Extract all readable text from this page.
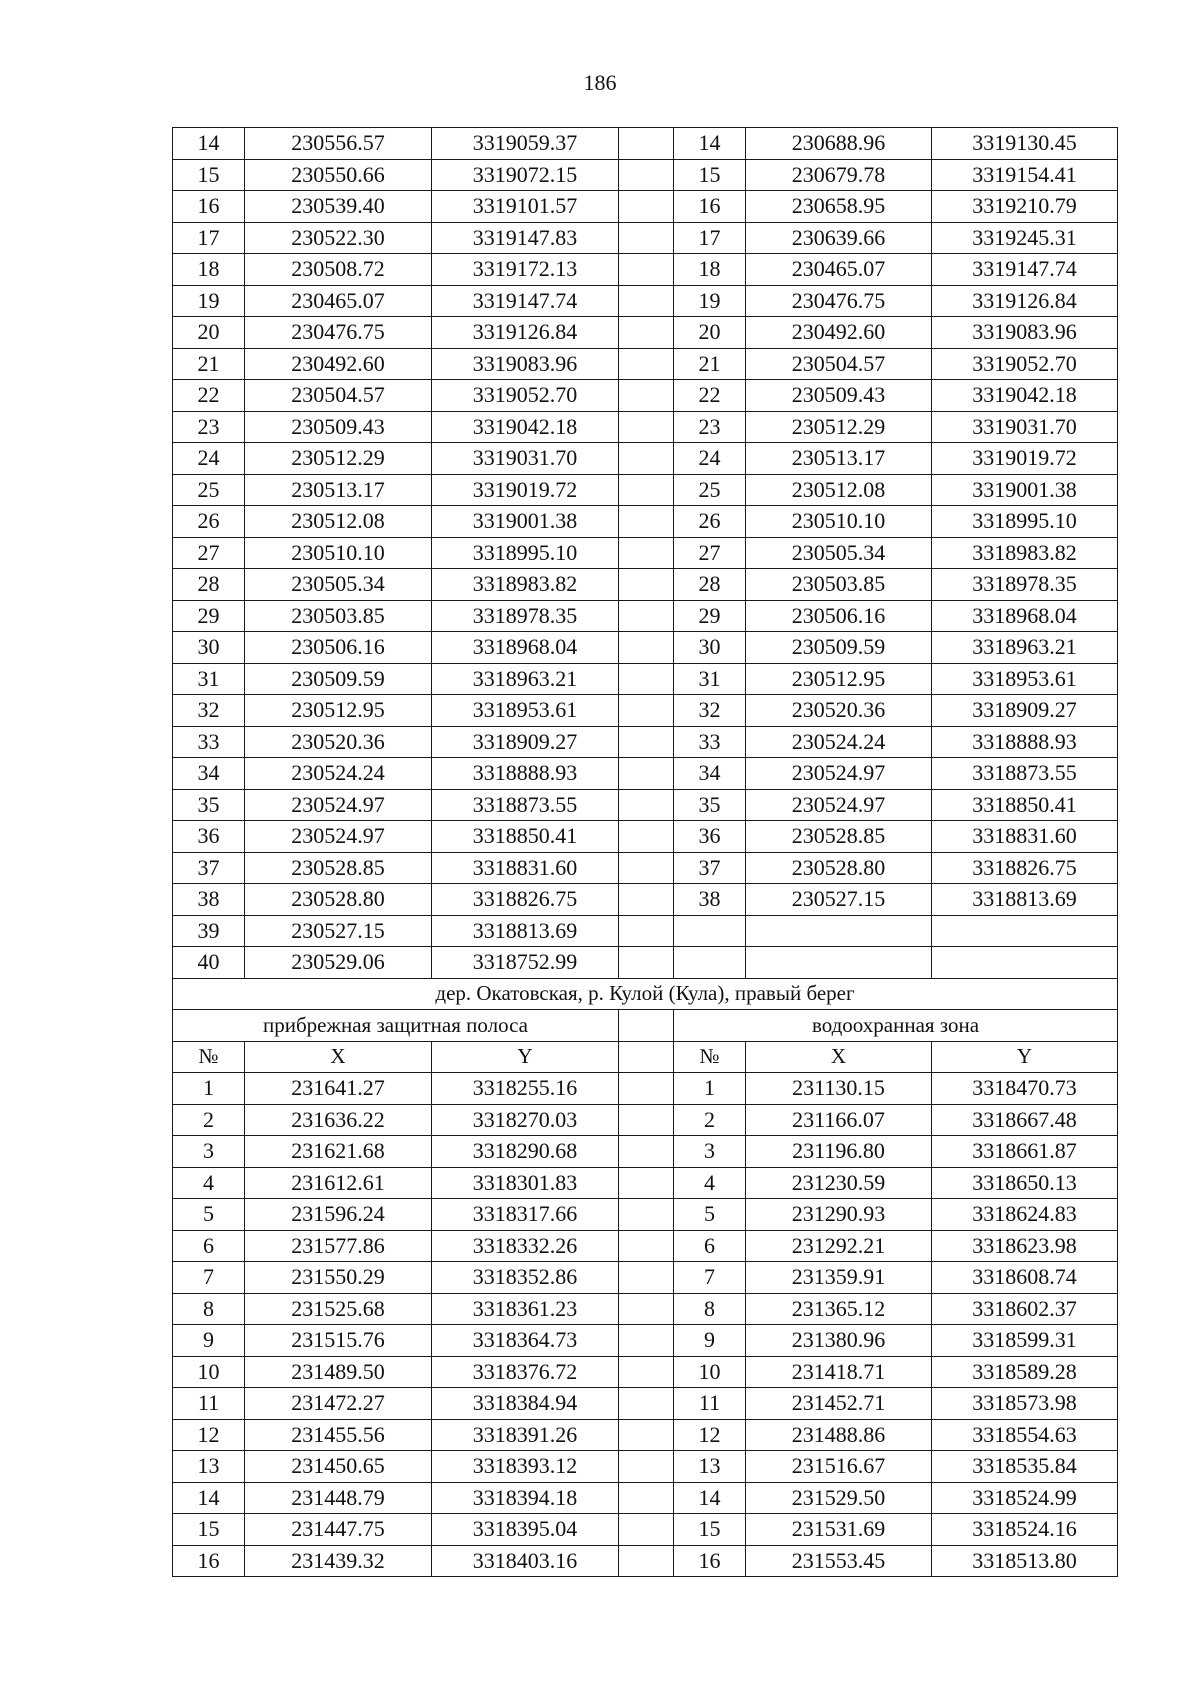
186
14	230556.57	3319059.37		14	230688.96	3319130.45
15	230550.66	3319072.15		15	230679.78	3319154.41
16	230539.40	3319101.57		16	230658.95	3319210.79
17	230522.30	3319147.83		17	230639.66	3319245.31
18	230508.72	3319172.13		18	230465.07	3319147.74
19	230465.07	3319147.74		19	230476.75	3319126.84
20	230476.75	3319126.84		20	230492.60	3319083.96
21	230492.60	3319083.96		21	230504.57	3319052.70
22	230504.57	3319052.70		22	230509.43	3319042.18
23	230509.43	3319042.18		23	230512.29	3319031.70
24	230512.29	3319031.70		24	230513.17	3319019.72
25	230513.17	3319019.72		25	230512.08	3319001.38
26	230512.08	3319001.38		26	230510.10	3318995.10
27	230510.10	3318995.10		27	230505.34	3318983.82
28	230505.34	3318983.82		28	230503.85	3318978.35
29	230503.85	3318978.35		29	230506.16	3318968.04
30	230506.16	3318968.04		30	230509.59	3318963.21
31	230509.59	3318963.21		31	230512.95	3318953.61
32	230512.95	3318953.61		32	230520.36	3318909.27
33	230520.36	3318909.27		33	230524.24	3318888.93
34	230524.24	3318888.93		34	230524.97	3318873.55
35	230524.97	3318873.55		35	230524.97	3318850.41
36	230524.97	3318850.41		36	230528.85	3318831.60
37	230528.85	3318831.60		37	230528.80	3318826.75
38	230528.80	3318826.75		38	230527.15	3318813.69
39	230527.15	3318813.69				
40	230529.06	3318752.99				
дер. Окатовская, р. Кулой (Кула), правый берег						
прибрежная защитная полоса				водоохранная зона		
№	X	Y		№	X	Y
1	231641.27	3318255.16		1	231130.15	3318470.73
2	231636.22	3318270.03		2	231166.07	3318667.48
3	231621.68	3318290.68		3	231196.80	3318661.87
4	231612.61	3318301.83		4	231230.59	3318650.13
5	231596.24	3318317.66		5	231290.93	3318624.83
6	231577.86	3318332.26		6	231292.21	3318623.98
7	231550.29	3318352.86		7	231359.91	3318608.74
8	231525.68	3318361.23		8	231365.12	3318602.37
9	231515.76	3318364.73		9	231380.96	3318599.31
10	231489.50	3318376.72		10	231418.71	3318589.28
11	231472.27	3318384.94		11	231452.71	3318573.98
12	231455.56	3318391.26		12	231488.86	3318554.63
13	231450.65	3318393.12		13	231516.67	3318535.84
14	231448.79	3318394.18		14	231529.50	3318524.99
15	231447.75	3318395.04		15	231531.69	3318524.16
16	231439.32	3318403.16		16	231553.45	3318513.80
